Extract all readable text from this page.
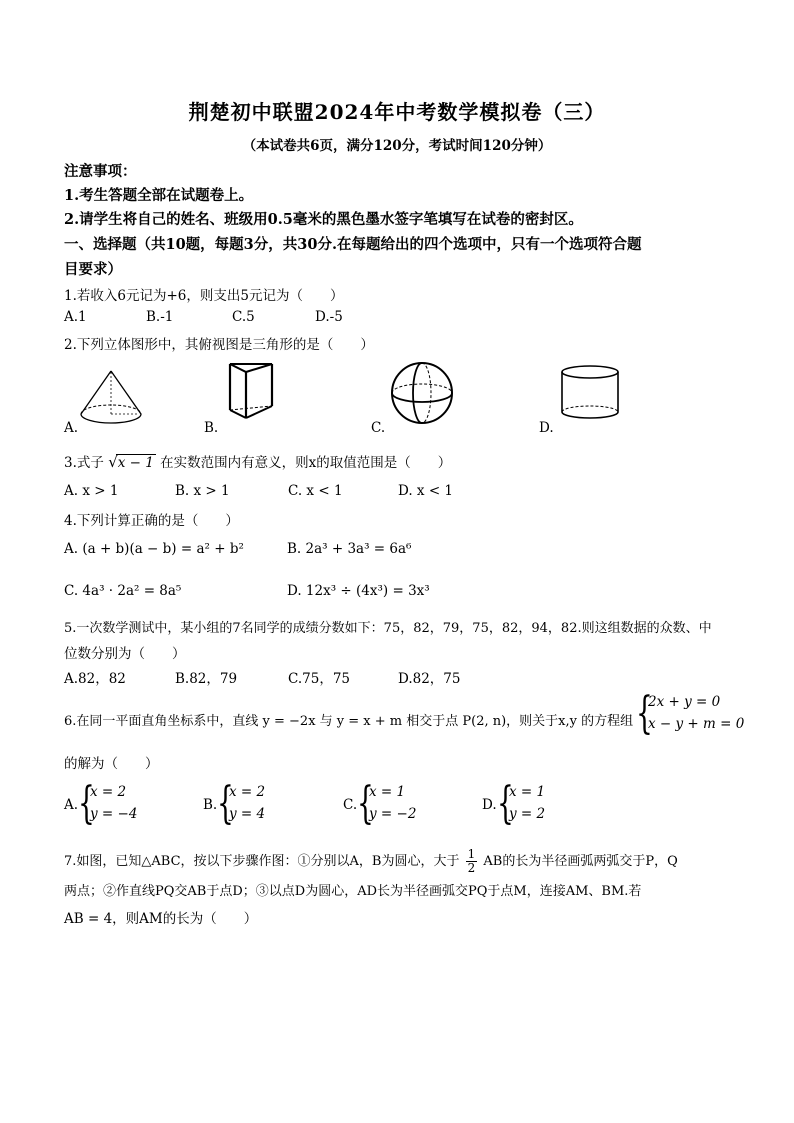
荆楚初中联盟2024年中考数学模拟卷（三）
（本试卷共6页，满分120分，考试时间120分钟）
注意事项：
1.考生答题全部在试题卷上。
2.请学生将自己的姓名、班级用0.5毫米的黑色墨水签字笔填写在试卷的密封区。
一、选择题（共10题，每题3分，共30分.在每题给出的四个选项中，只有一个选项符合题
目要求）
1.若收入6元记为+6，则支出5元记为（　　）
A.1	B.-1	C.5	D.-5
2.下列立体图形中，其俯视图是三角形的是（　　）
A.	B.	C.	D.
3.式子 √x − 1 在实数范围内有意义，则x的取值范围是（　　）
A. x > 1	B. x > 1	C. x < 1	D. x < 1
4.下列计算正确的是（　　）
A. (a + b)(a − b) = a² + b²	B. 2a³ + 3a³ = 6a⁶
C. 4a³ · 2a² = 8a⁵	D. 12x³ ÷ (4x³) = 3x³
5.一次数学测试中，某小组的7名同学的成绩分数如下：75，82，79，75，82，94，82.则这组数据的众数、中
位数分别为（　　）
A.82，82	B.82，79	C.75，75	D.82，75
6.在同一平面直角坐标系中，直线 y = −2x 与 y = x + m 相交于点 P(2, n)，则关于x,y 的方程组 {
2x + y = 0
x − y + m = 0
的解为（　　）
A. {
x = 2
y = −4
B. {
x = 2
y = 4
C. {
x = 1
y = −2
D. {
x = 1
y = 2
7.如图，已知△ABC，按以下步骤作图：①分别以A，B为圆心，大于 $\frac{1}{2}$ AB的长为半径画弧两弧交于P，Q
两点；②作直线PQ交AB于点D；③以点D为圆心，AD长为半径画弧交PQ于点M，连接AM、BM.若
AB = 4，则AM的长为（　　）
